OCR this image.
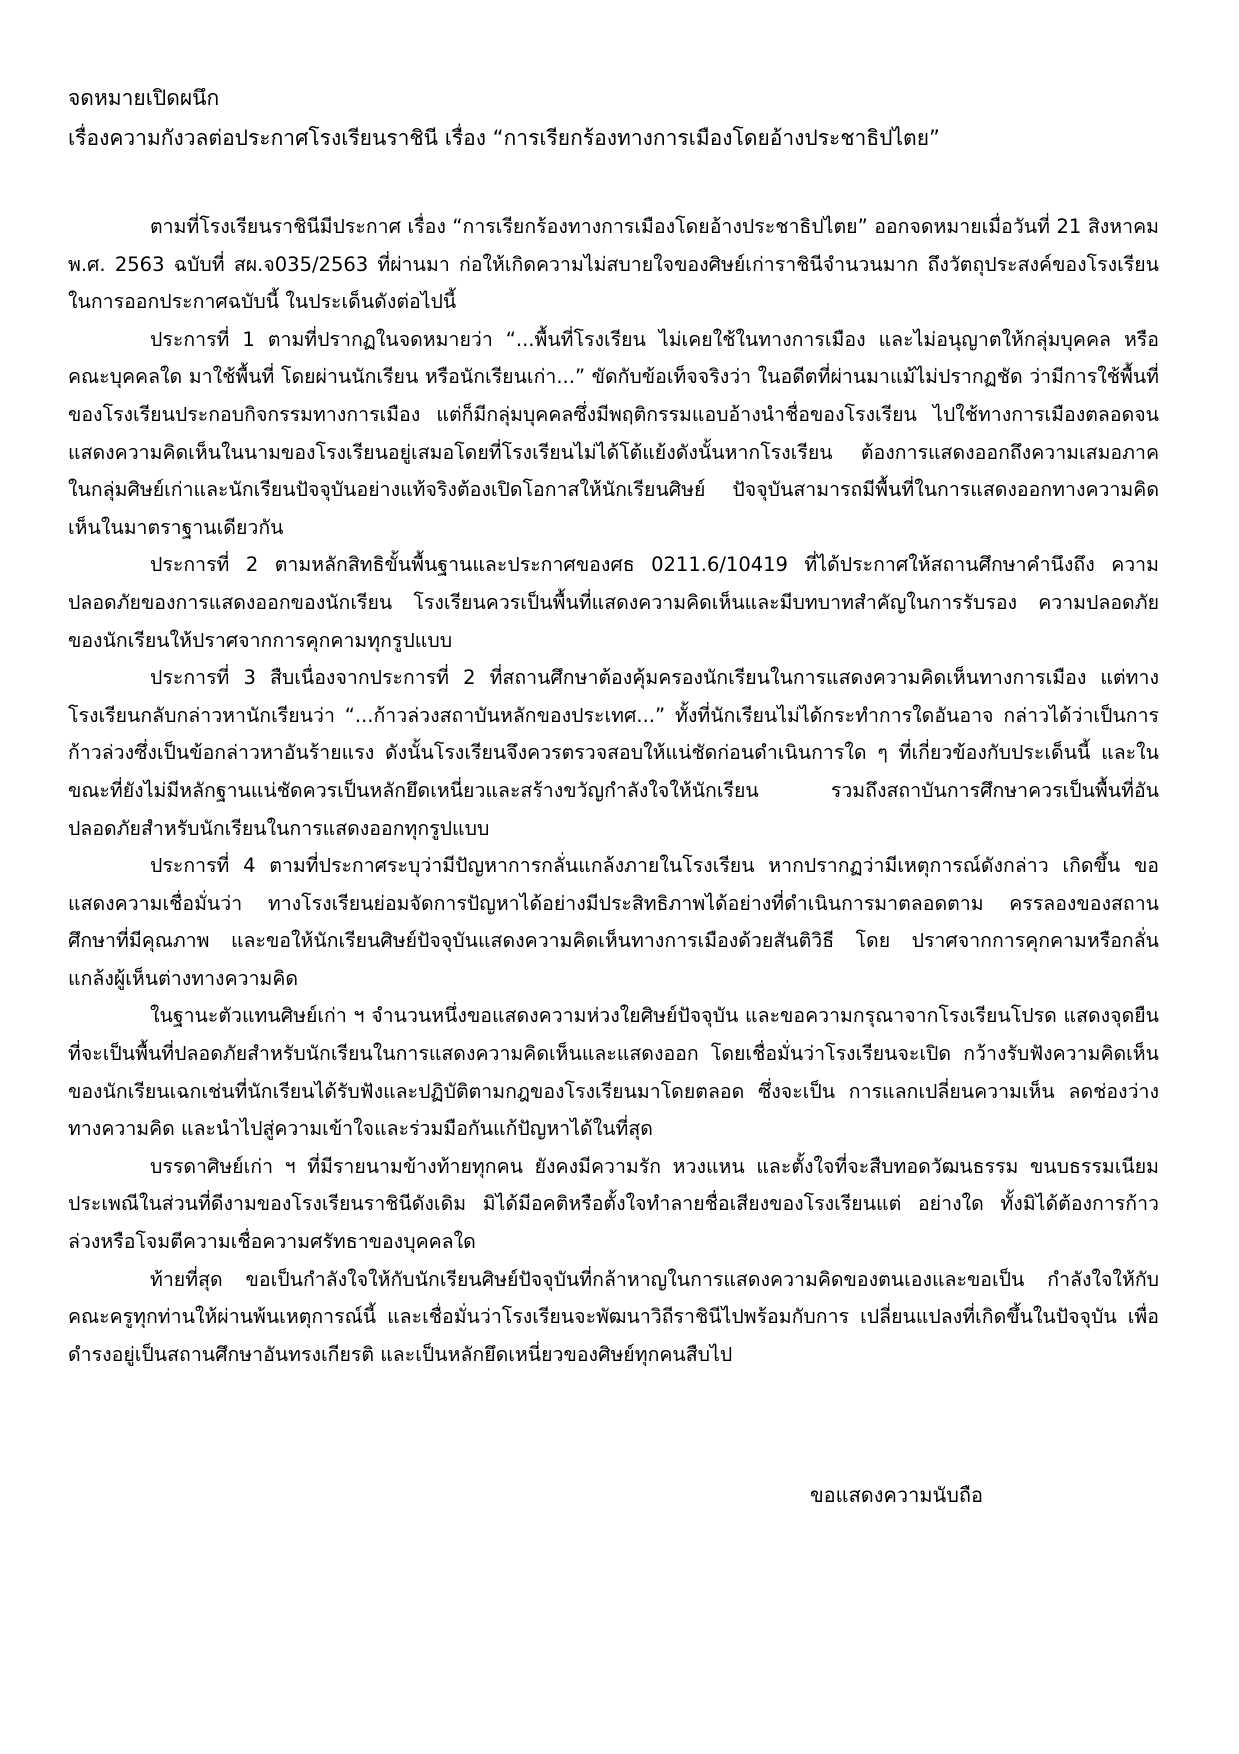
จดหมายเปิดผนึก

เรื่องความกังวลต่อประกาศโรงเรียนราชินี เรื่อง “การเรียกร้องทางการเมืองโดยอ้างประชาธิปไตย”

ตามที่โรงเรียนราชินีมีประกาศ เรื่อง “การเรียกร้องทางการเมืองโดยอ้างประชาธิปไตย” ออกจดหมายเมื่อวันที่ 21 สิงหาคม พ.ศ. 2563 ฉบับที่ สผ.จ035/2563 ที่ผ่านมา ก่อให้เกิดความไม่สบายใจของศิษย์เก่าราชินีจำนวนมาก ถึงวัตถุประสงค์ของโรงเรียนในการออกประกาศฉบับนี้ ในประเด็นดังต่อไปนี้

ประการที่ 1 ตามที่ปรากฏในจดหมายว่า “...พื้นที่โรงเรียน ไม่เคยใช้ในทางการเมือง และไม่อนุญาตให้กลุ่มบุคคล หรือคณะบุคคลใด มาใช้พื้นที่ โดยผ่านนักเรียน หรือนักเรียนเก่า...” ขัดกับข้อเท็จจริงว่า ในอดีตที่ผ่านมาแม้ไม่ปรากฏชัด ว่ามีการใช้พื้นที่ของโรงเรียนประกอบกิจกรรมทางการเมือง แต่ก็มีกลุ่มบุคคลซึ่งมีพฤติกรรมแอบอ้างนำชื่อของโรงเรียน ไปใช้ทางการเมืองตลอดจนแสดงความคิดเห็นในนามของโรงเรียนอยู่เสมอโดยที่โรงเรียนไม่ได้โต้แย้งดังนั้นหากโรงเรียน ต้องการแสดงออกถึงความเสมอภาคในกลุ่มศิษย์เก่าและนักเรียนปัจจุบันอย่างแท้จริงต้องเปิดโอกาสให้นักเรียนศิษย์ ปัจจุบันสามารถมีพื้นที่ในการแสดงออกทางความคิดเห็นในมาตราฐานเดียวกัน

ประการที่ 2 ตามหลักสิทธิขั้นพื้นฐานและประกาศของศธ 0211.6/10419 ที่ได้ประกาศให้สถานศึกษาคำนึงถึง ความปลอดภัยของการแสดงออกของนักเรียน โรงเรียนควรเป็นพื้นที่แสดงความคิดเห็นและมีบทบาทสำคัญในการรับรอง ความปลอดภัยของนักเรียนให้ปราศจากการคุกคามทุกรูปแบบ

ประการที่ 3 สืบเนื่องจากประการที่ 2 ที่สถานศึกษาต้องคุ้มครองนักเรียนในการแสดงความคิดเห็นทางการเมือง แต่ทางโรงเรียนกลับกล่าวหานักเรียนว่า “...ก้าวล่วงสถาบันหลักของประเทศ...” ทั้งที่นักเรียนไม่ได้กระทำการใดอันอาจ กล่าวได้ว่าเป็นการก้าวล่วงซึ่งเป็นข้อกล่าวหาอันร้ายแรง ดังนั้นโรงเรียนจึงควรตรวจสอบให้แน่ชัดก่อนดำเนินการใด ๆ ที่เกี่ยวข้องกับประเด็นนี้ และในขณะที่ยังไม่มีหลักฐานแน่ชัดควรเป็นหลักยึดเหนี่ยวและสร้างขวัญกำลังใจให้นักเรียน รวมถึงสถาบันการศึกษาควรเป็นพื้นที่อันปลอดภัยสำหรับนักเรียนในการแสดงออกทุกรูปแบบ

ประการที่ 4 ตามที่ประกาศระบุว่ามีปัญหาการกลั่นแกล้งภายในโรงเรียน หากปรากฏว่ามีเหตุการณ์ดังกล่าว เกิดขึ้น ขอแสดงความเชื่อมั่นว่า ทางโรงเรียนย่อมจัดการปัญหาได้อย่างมีประสิทธิภาพได้อย่างที่ดำเนินการมาตลอดตาม ครรลองของสถานศึกษาที่มีคุณภาพ และขอให้นักเรียนศิษย์ปัจจุบันแสดงความคิดเห็นทางการเมืองด้วยสันติวิธี โดย ปราศจากการคุกคามหรือกลั่นแกล้งผู้เห็นต่างทางความคิด

ในฐานะตัวแทนศิษย์เก่า ฯ จำนวนหนึ่งขอแสดงความห่วงใยศิษย์ปัจจุบัน และขอความกรุณาจากโรงเรียนโปรด แสดงจุดยืนที่จะเป็นพื้นที่ปลอดภัยสำหรับนักเรียนในการแสดงความคิดเห็นและแสดงออก โดยเชื่อมั่นว่าโรงเรียนจะเปิด กว้างรับฟังความคิดเห็นของนักเรียนเฉกเช่นที่นักเรียนได้รับฟังและปฏิบัติตามกฎของโรงเรียนมาโดยตลอด ซึ่งจะเป็น การแลกเปลี่ยนความเห็น ลดช่องว่างทางความคิด และนำไปสู่ความเข้าใจและร่วมมือกันแก้ปัญหาได้ในที่สุด

บรรดาศิษย์เก่า ฯ ที่มีรายนามข้างท้ายทุกคน ยังคงมีความรัก หวงแหน และตั้งใจที่จะสืบทอดวัฒนธรรม ขนบธรรมเนียมประเพณีในส่วนที่ดีงามของโรงเรียนราชินีดังเดิม มิได้มีอคติหรือตั้งใจทำลายชื่อเสียงของโรงเรียนแต่ อย่างใด ทั้งมิได้ต้องการก้าวล่วงหรือโจมตีความเชื่อความศรัทธาของบุคคลใด

ท้ายที่สุด ขอเป็นกำลังใจให้กับนักเรียนศิษย์ปัจจุบันที่กล้าหาญในการแสดงความคิดของตนเองและขอเป็น กำลังใจให้กับคณะครูทุกท่านให้ผ่านพ้นเหตุการณ์นี้ และเชื่อมั่นว่าโรงเรียนจะพัฒนาวิถีราชินีไปพร้อมกับการ เปลี่ยนแปลงที่เกิดขึ้นในปัจจุบัน เพื่อดำรงอยู่เป็นสถานศึกษาอันทรงเกียรติ และเป็นหลักยึดเหนี่ยวของศิษย์ทุกคนสืบไป

ขอแสดงความนับถือ
